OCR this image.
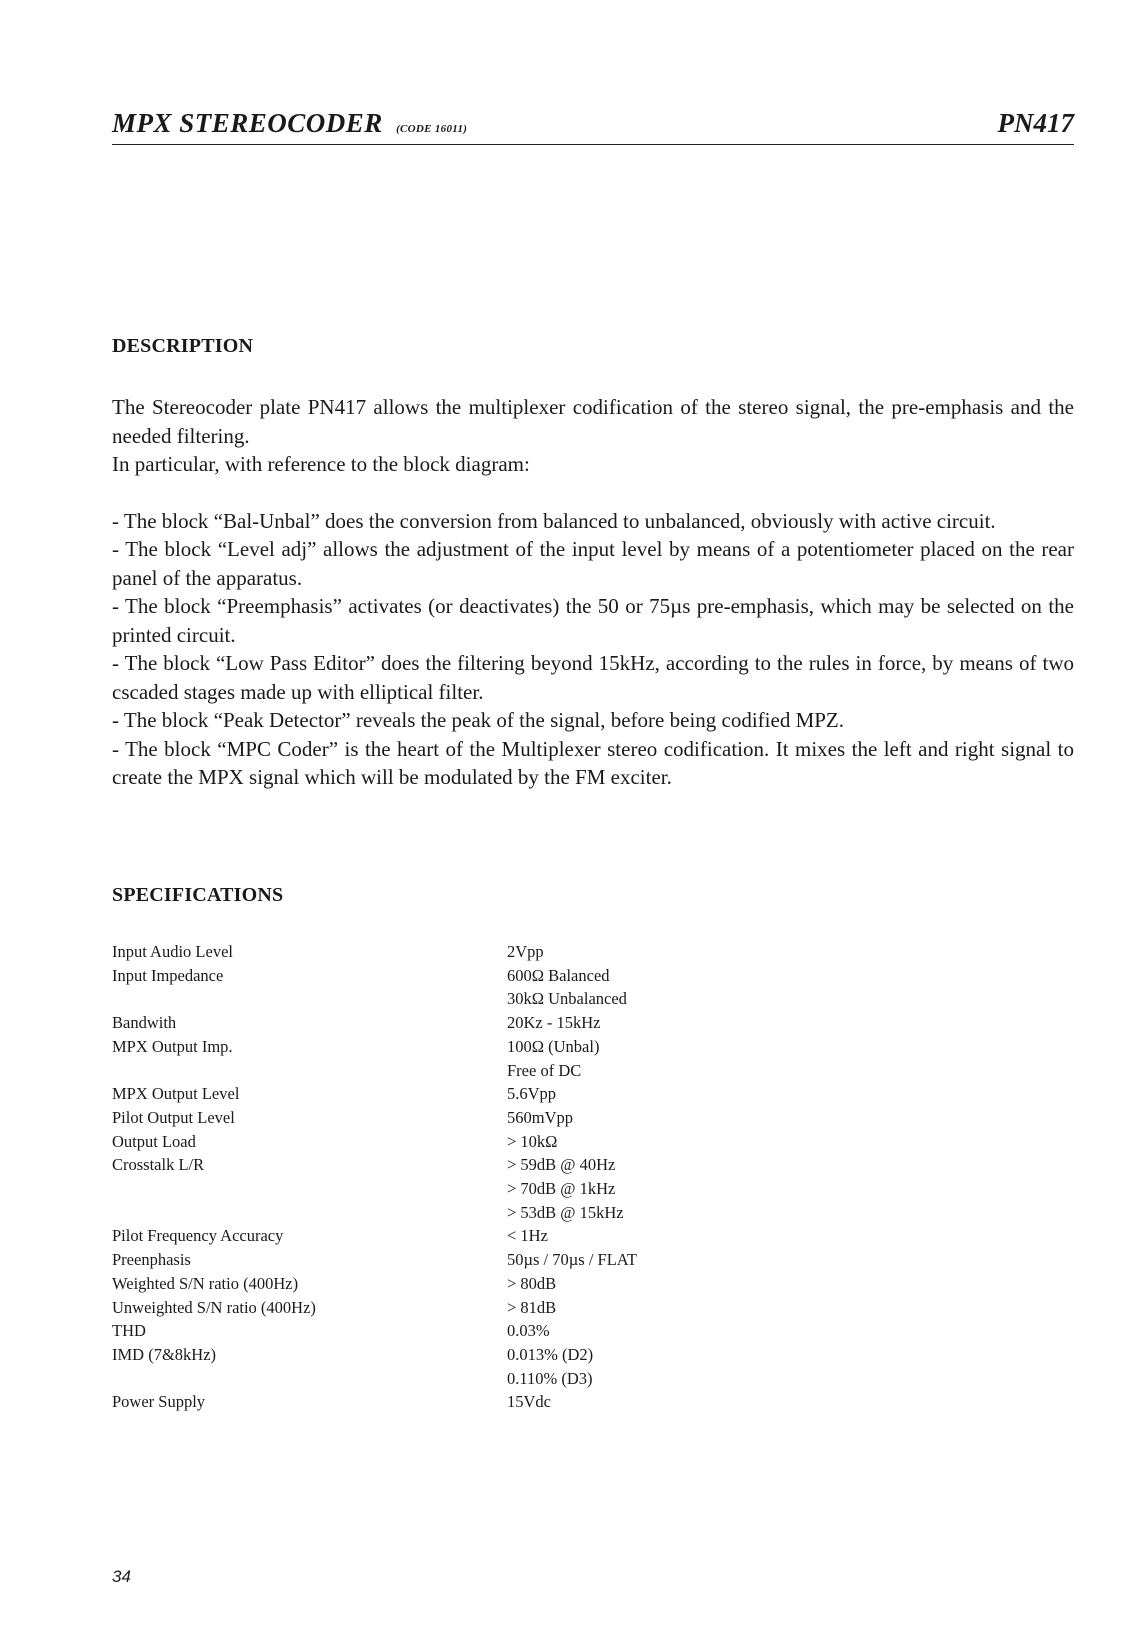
MPX STEREOCODER (CODE 16011)	PN417
DESCRIPTION

The Stereocoder plate PN417 allows the multiplexer codification of the stereo signal, the pre-emphasis and the needed filtering.

In particular, with reference to the block diagram:

- The block “Bal-Unbal” does the conversion from balanced to unbalanced, obviously with active circuit.

- The block “Level adj” allows the adjustment of the input level by means of a potentiometer placed on the rear panel of the apparatus.

- The block “Preemphasis” activates (or deactivates) the 50 or 75µs pre-emphasis, which may be selected on the printed circuit.

- The block “Low Pass Editor” does the filtering beyond 15kHz, according to the rules in force, by means of two cscaded stages made up with elliptical filter.

- The block “Peak Detector” reveals the peak of the signal, before being codified MPZ.

- The block “MPC Coder” is the heart of the Multiplexer stereo codification. It mixes the left and right signal to create the MPX signal which will be modulated by the FM exciter.

SPECIFICATIONS
Input Audio Level	2Vpp
Input Impedance	600Ω Balanced
30kΩ Unbalanced
Bandwith	20Kz - 15kHz
MPX Output Imp.	100Ω (Unbal)
Free of DC
MPX Output Level	5.6Vpp
Pilot Output Level	560mVpp
Output Load	> 10kΩ
Crosstalk L/R	> 59dB @ 40Hz
> 70dB @ 1kHz
> 53dB @ 15kHz
Pilot Frequency Accuracy	< 1Hz
Preenphasis	50µs / 70µs / FLAT
Weighted S/N ratio (400Hz)	> 80dB
Unweighted S/N ratio (400Hz)	> 81dB
THD	0.03%
IMD (7&8kHz)	0.013% (D2)
0.110% (D3)
Power Supply	15Vdc
34
